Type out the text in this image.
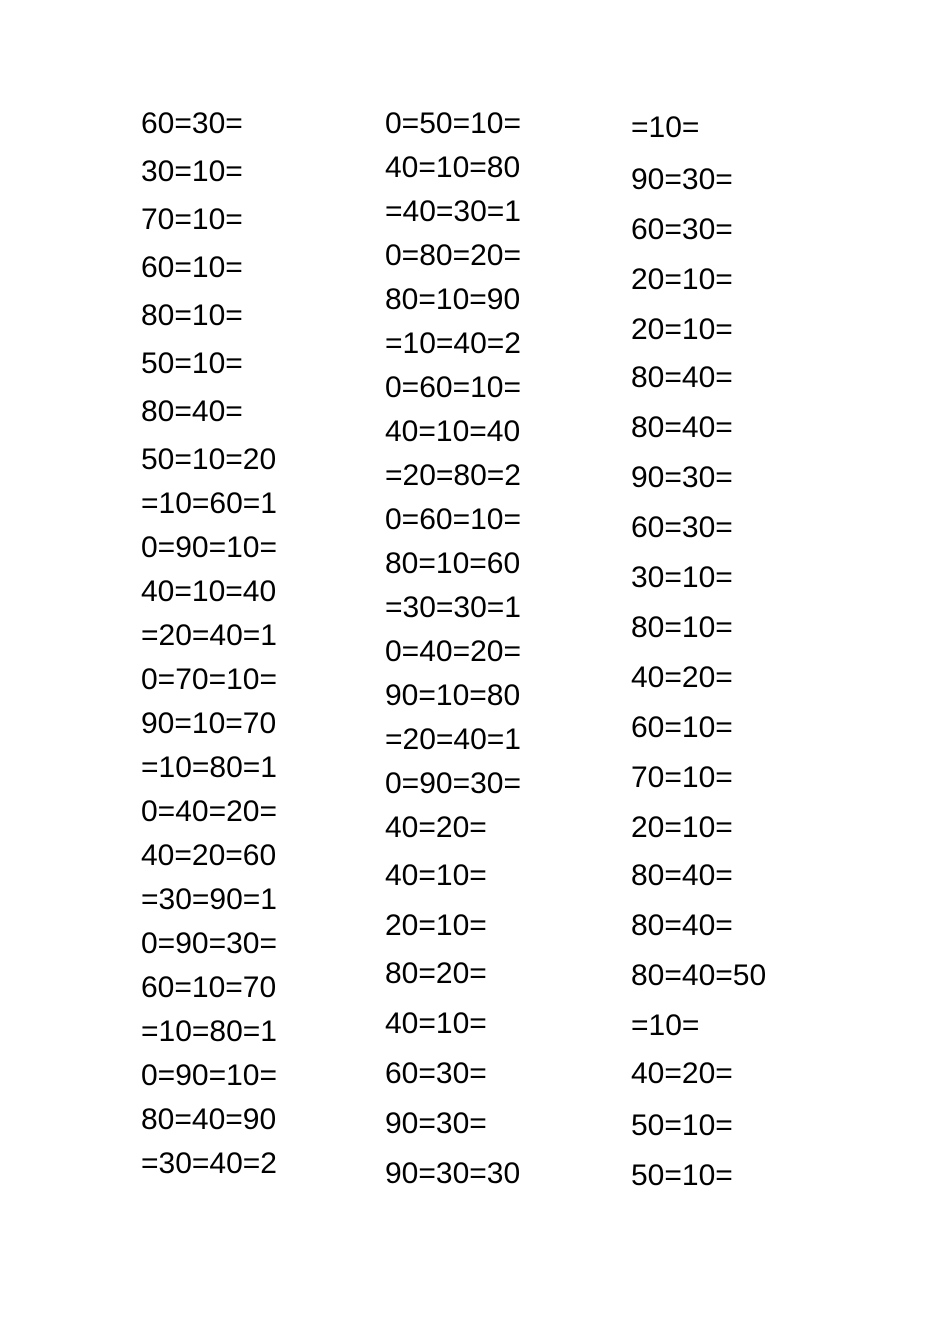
60=30=
30=10=
70=10=
60=10=
80=10=
50=10=
80=40=
50=10=20
=10=60=1
0=90=10=
40=10=40
=20=40=1
0=70=10=
90=10=70
=10=80=1
0=40=20=
40=20=60
=30=90=1
0=90=30=
60=10=70
=10=80=1
0=90=10=
80=40=90
=30=40=2
0=50=10=
40=10=80
=40=30=1
0=80=20=
80=10=90
=10=40=2
0=60=10=
40=10=40
=20=80=2
0=60=10=
80=10=60
=30=30=1
0=40=20=
90=10=80
=20=40=1
0=90=30=
40=20=
40=10=
20=10=
80=20=
40=10=
60=30=
90=30=
90=30=30
=10=
90=30=
60=30=
20=10=
20=10=
80=40=
80=40=
90=30=
60=30=
30=10=
80=10=
40=20=
60=10=
70=10=
20=10=
80=40=
80=40=
80=40=50
=10=
40=20=
50=10=
50=10=
